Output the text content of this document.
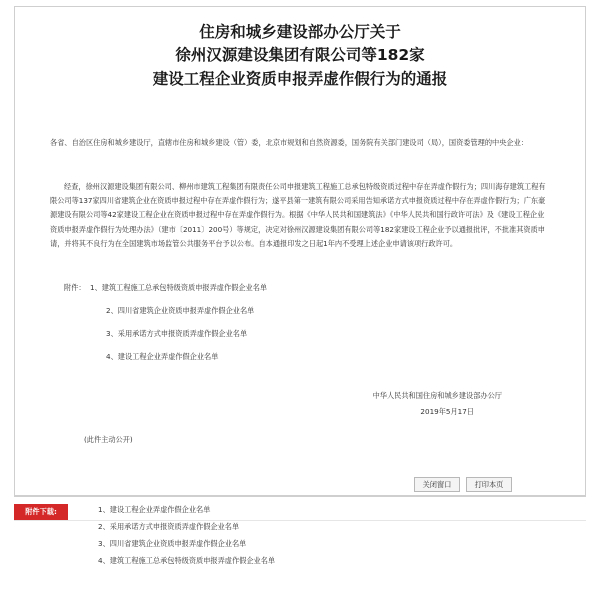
住房和城乡建设部办公厅关于
徐州汉源建设集团有限公司等182家
建设工程企业资质申报弄虚作假行为的通报
各省、自治区住房和城乡建设厅，直辖市住房和城乡建设（管）委，北京市规划和自然资源委，国务院有关部门建设司（局），国资委管理的中央企业：
经查，徐州汉源建设集团有限公司、柳州市建筑工程集团有限责任公司申报建筑工程施工总承包特级资质过程中存在弄虚作假行为；四川海存建筑工程有限公司等137家四川省建筑企业在资质申报过程中存在弄虚作假行为；遂平县第一建筑有限公司采用告知承诺方式申报资质过程中存在弄虚作假行为；广东豪源建设有限公司等42家建设工程企业在资质申报过程中存在弄虚作假行为。根据《中华人民共和国建筑法》《中华人民共和国行政许可法》及《建设工程企业资质申报弄虚作假行为处理办法》（建市〔2011〕200号）等规定，决定对徐州汉源建设集团有限公司等182家建设工程企业予以通报批评，不批准其资质申请，并将其不良行为在全国建筑市场监管公共服务平台予以公布。自本通报印发之日起1年内不受理上述企业申请该项行政许可。
附件： 1、建筑工程施工总承包特级资质申报弄虚作假企业名单
2、四川省建筑企业资质申报弄虚作假企业名单
3、采用承诺方式申报资质弄虚作假企业名单
4、建设工程企业弄虚作假企业名单
中华人民共和国住房和城乡建设部办公厅
2019年5月17日
(此件主动公开)
关闭窗口	打印本页
附件下载:	1、建设工程企业弄虚作假企业名单
2、采用承诺方式申报资质弄虚作假企业名单
3、四川省建筑企业资质申报弄虚作假企业名单
4、建筑工程施工总承包特级资质申报弄虚作假企业名单
